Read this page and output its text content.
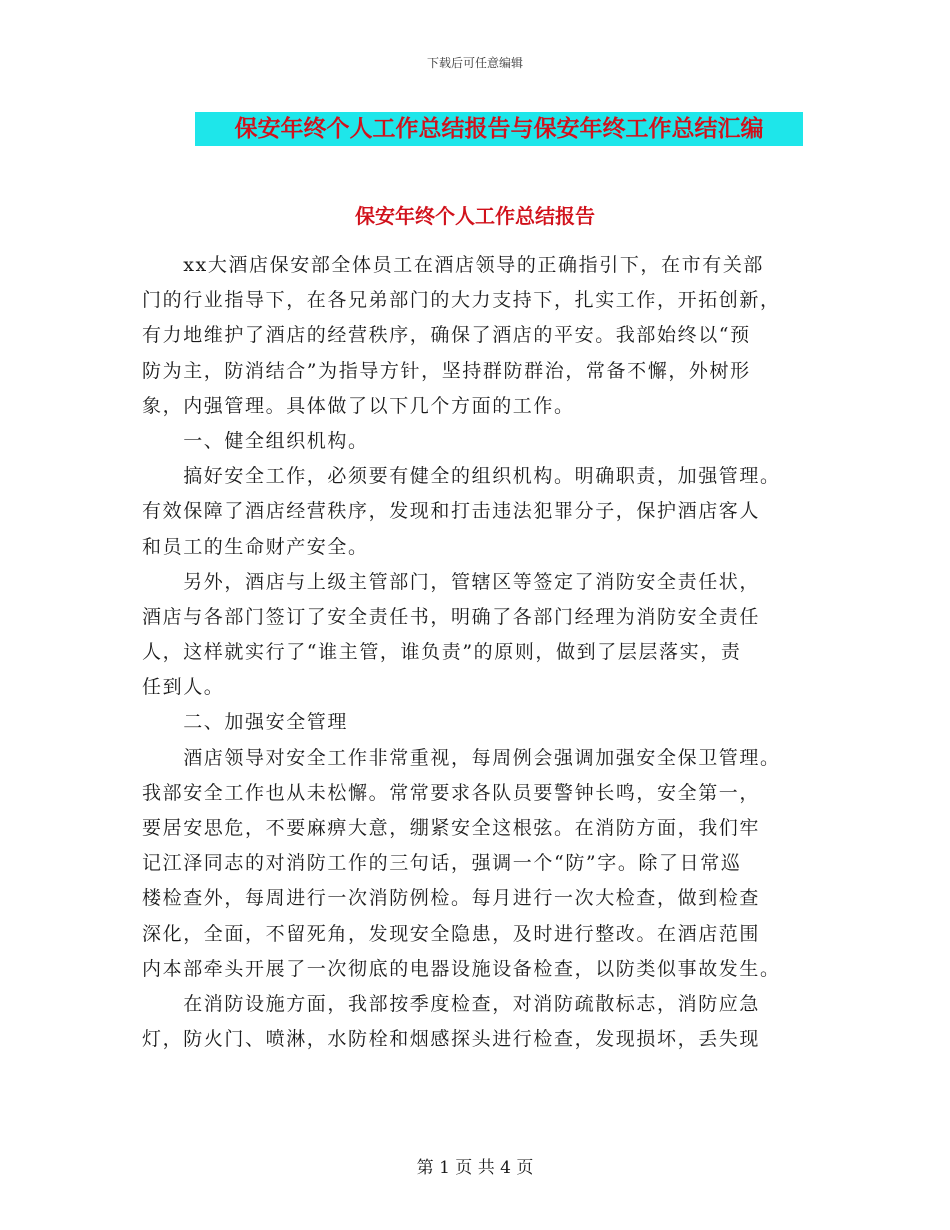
下载后可任意编辑
保安年终个人工作总结报告与保安年终工作总结汇编
保安年终个人工作总结报告
　　xx大酒店保安部全体员工在酒店领导的正确指引下，在市有关部
门的行业指导下，在各兄弟部门的大力支持下，扎实工作，开拓创新，
有力地维护了酒店的经营秩序，确保了酒店的平安。我部始终以“预
防为主，防消结合”为指导方针，坚持群防群治，常备不懈，外树形
象，内强管理。具体做了以下几个方面的工作。
　　一、健全组织机构。
　　搞好安全工作，必须要有健全的组织机构。明确职责，加强管理。
有效保障了酒店经营秩序，发现和打击违法犯罪分子，保护酒店客人
和员工的生命财产安全。
　　另外，酒店与上级主管部门，管辖区等签定了消防安全责任状，
酒店与各部门签订了安全责任书，明确了各部门经理为消防安全责任
人，这样就实行了“谁主管，谁负责”的原则，做到了层层落实，责
任到人。
　　二、加强安全管理
　　酒店领导对安全工作非常重视，每周例会强调加强安全保卫管理。
我部安全工作也从未松懈。常常要求各队员要警钟长鸣，安全第一，
要居安思危，不要麻痹大意，绷紧安全这根弦。在消防方面，我们牢
记江泽同志的对消防工作的三句话，强调一个“防”字。除了日常巡
楼检查外，每周进行一次消防例检。每月进行一次大检查，做到检查
深化，全面，不留死角，发现安全隐患，及时进行整改。在酒店范围
内本部牵头开展了一次彻底的电器设施设备检查，以防类似事故发生。
　　在消防设施方面，我部按季度检查，对消防疏散标志，消防应急
灯，防火门、喷淋，水防栓和烟感探头进行检查，发现损坏，丢失现
第 1 页 共 4 页
